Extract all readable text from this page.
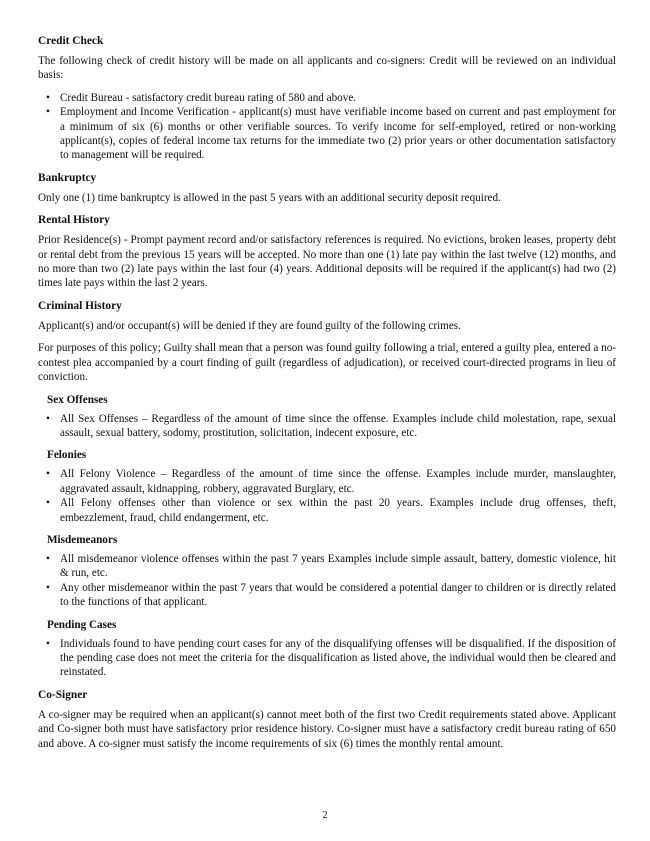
Credit Check

The following check of credit history will be made on all applicants and co-signers: Credit will be reviewed on an individual basis:

• Credit Bureau - satisfactory credit bureau rating of 580 and above.
• Employment and Income Verification - applicant(s) must have verifiable income based on current and past employment for a minimum of six (6) months or other verifiable sources. To verify income for self-employed, retired or non-working applicant(s), copies of federal income tax returns for the immediate two (2) prior years or other documentation satisfactory to management will be required.
Bankruptcy

Only one (1) time bankruptcy is allowed in the past 5 years with an additional security deposit required.

Rental History

Prior Residence(s) - Prompt payment record and/or satisfactory references is required. No evictions, broken leases, property debt or rental debt from the previous 15 years will be accepted. No more than one (1) late pay within the last twelve (12) months, and no more than two (2) late pays within the last four (4) years. Additional deposits will be required if the applicant(s) had two (2) times late pays within the last 2 years.

Criminal History

Applicant(s) and/or occupant(s) will be denied if they are found guilty of the following crimes.

For purposes of this policy; Guilty shall mean that a person was found guilty following a trial, entered a guilty plea, entered a no-contest plea accompanied by a court finding of guilt (regardless of adjudication), or received court-directed programs in lieu of conviction.

Sex Offenses
• All Sex Offenses – Regardless of the amount of time since the offense. Examples include child molestation, rape, sexual assault, sexual battery, sodomy, prostitution, solicitation, indecent exposure, etc.
Felonies
• All Felony Violence – Regardless of the amount of time since the offense. Examples include murder, manslaughter, aggravated assault, kidnapping, robbery, aggravated Burglary, etc.
• All Felony offenses other than violence or sex within the past 20 years. Examples include drug offenses, theft, embezzlement, fraud, child endangerment, etc.
Misdemeanors
• All misdemeanor violence offenses within the past 7 years Examples include simple assault, battery, domestic violence, hit & run, etc.
• Any other misdemeanor within the past 7 years that would be considered a potential danger to children or is directly related to the functions of that applicant.
Pending Cases
• Individuals found to have pending court cases for any of the disqualifying offenses will be disqualified. If the disposition of the pending case does not meet the criteria for the disqualification as listed above, the individual would then be cleared and reinstated.
Co-Signer

A co-signer may be required when an applicant(s) cannot meet both of the first two Credit requirements stated above. Applicant and Co-signer both must have satisfactory prior residence history. Co-signer must have a satisfactory credit bureau rating of 650 and above. A co-signer must satisfy the income requirements of six (6) times the monthly rental amount.

2
